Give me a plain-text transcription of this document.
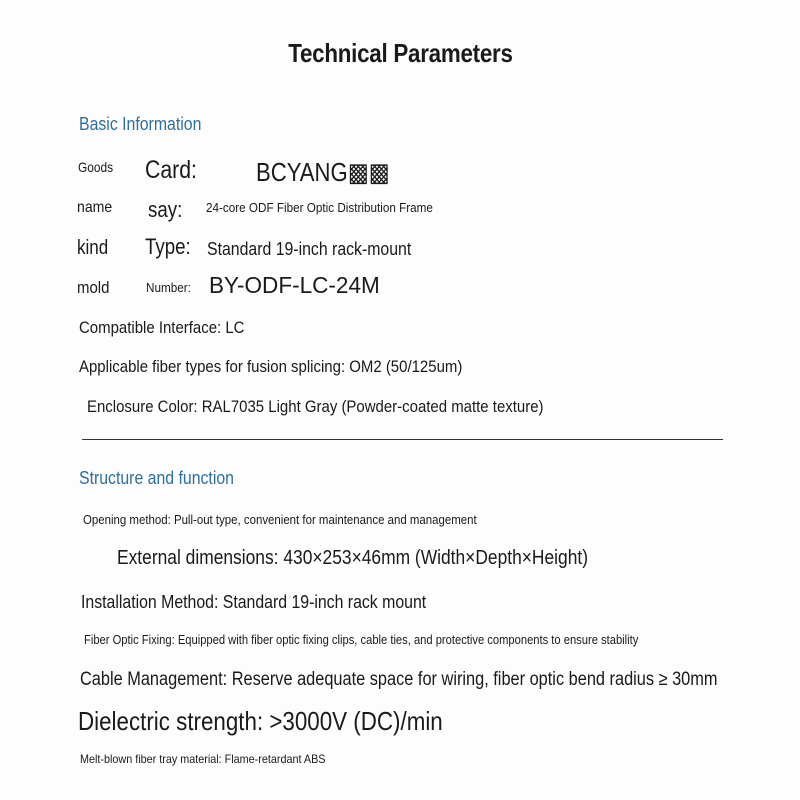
Technical Parameters
Basic Information
Goods Card:	BCYANG▩▩
name say:	24-core ODF Fiber Optic Distribution Frame
kind Type: Standard 19-inch rack-mount
mold	Number: BY-ODF-LC-24M
Compatible Interface: LC
Applicable fiber types for fusion splicing: OM2 (50/125um)
Enclosure Color: RAL7035 Light Gray (Powder-coated matte texture)
Structure and function
Opening method: Pull-out type, convenient for maintenance and management
External dimensions: 430×253×46mm (Width×Depth×Height)
Installation Method: Standard 19-inch rack mount
Fiber Optic Fixing: Equipped with fiber optic fixing clips, cable ties, and protective components to ensure stability
Cable Management: Reserve adequate space for wiring, fiber optic bend radius ≥ 30mm
Dielectric strength: >3000V (DC)/min
Melt-blown fiber tray material: Flame-retardant ABS
